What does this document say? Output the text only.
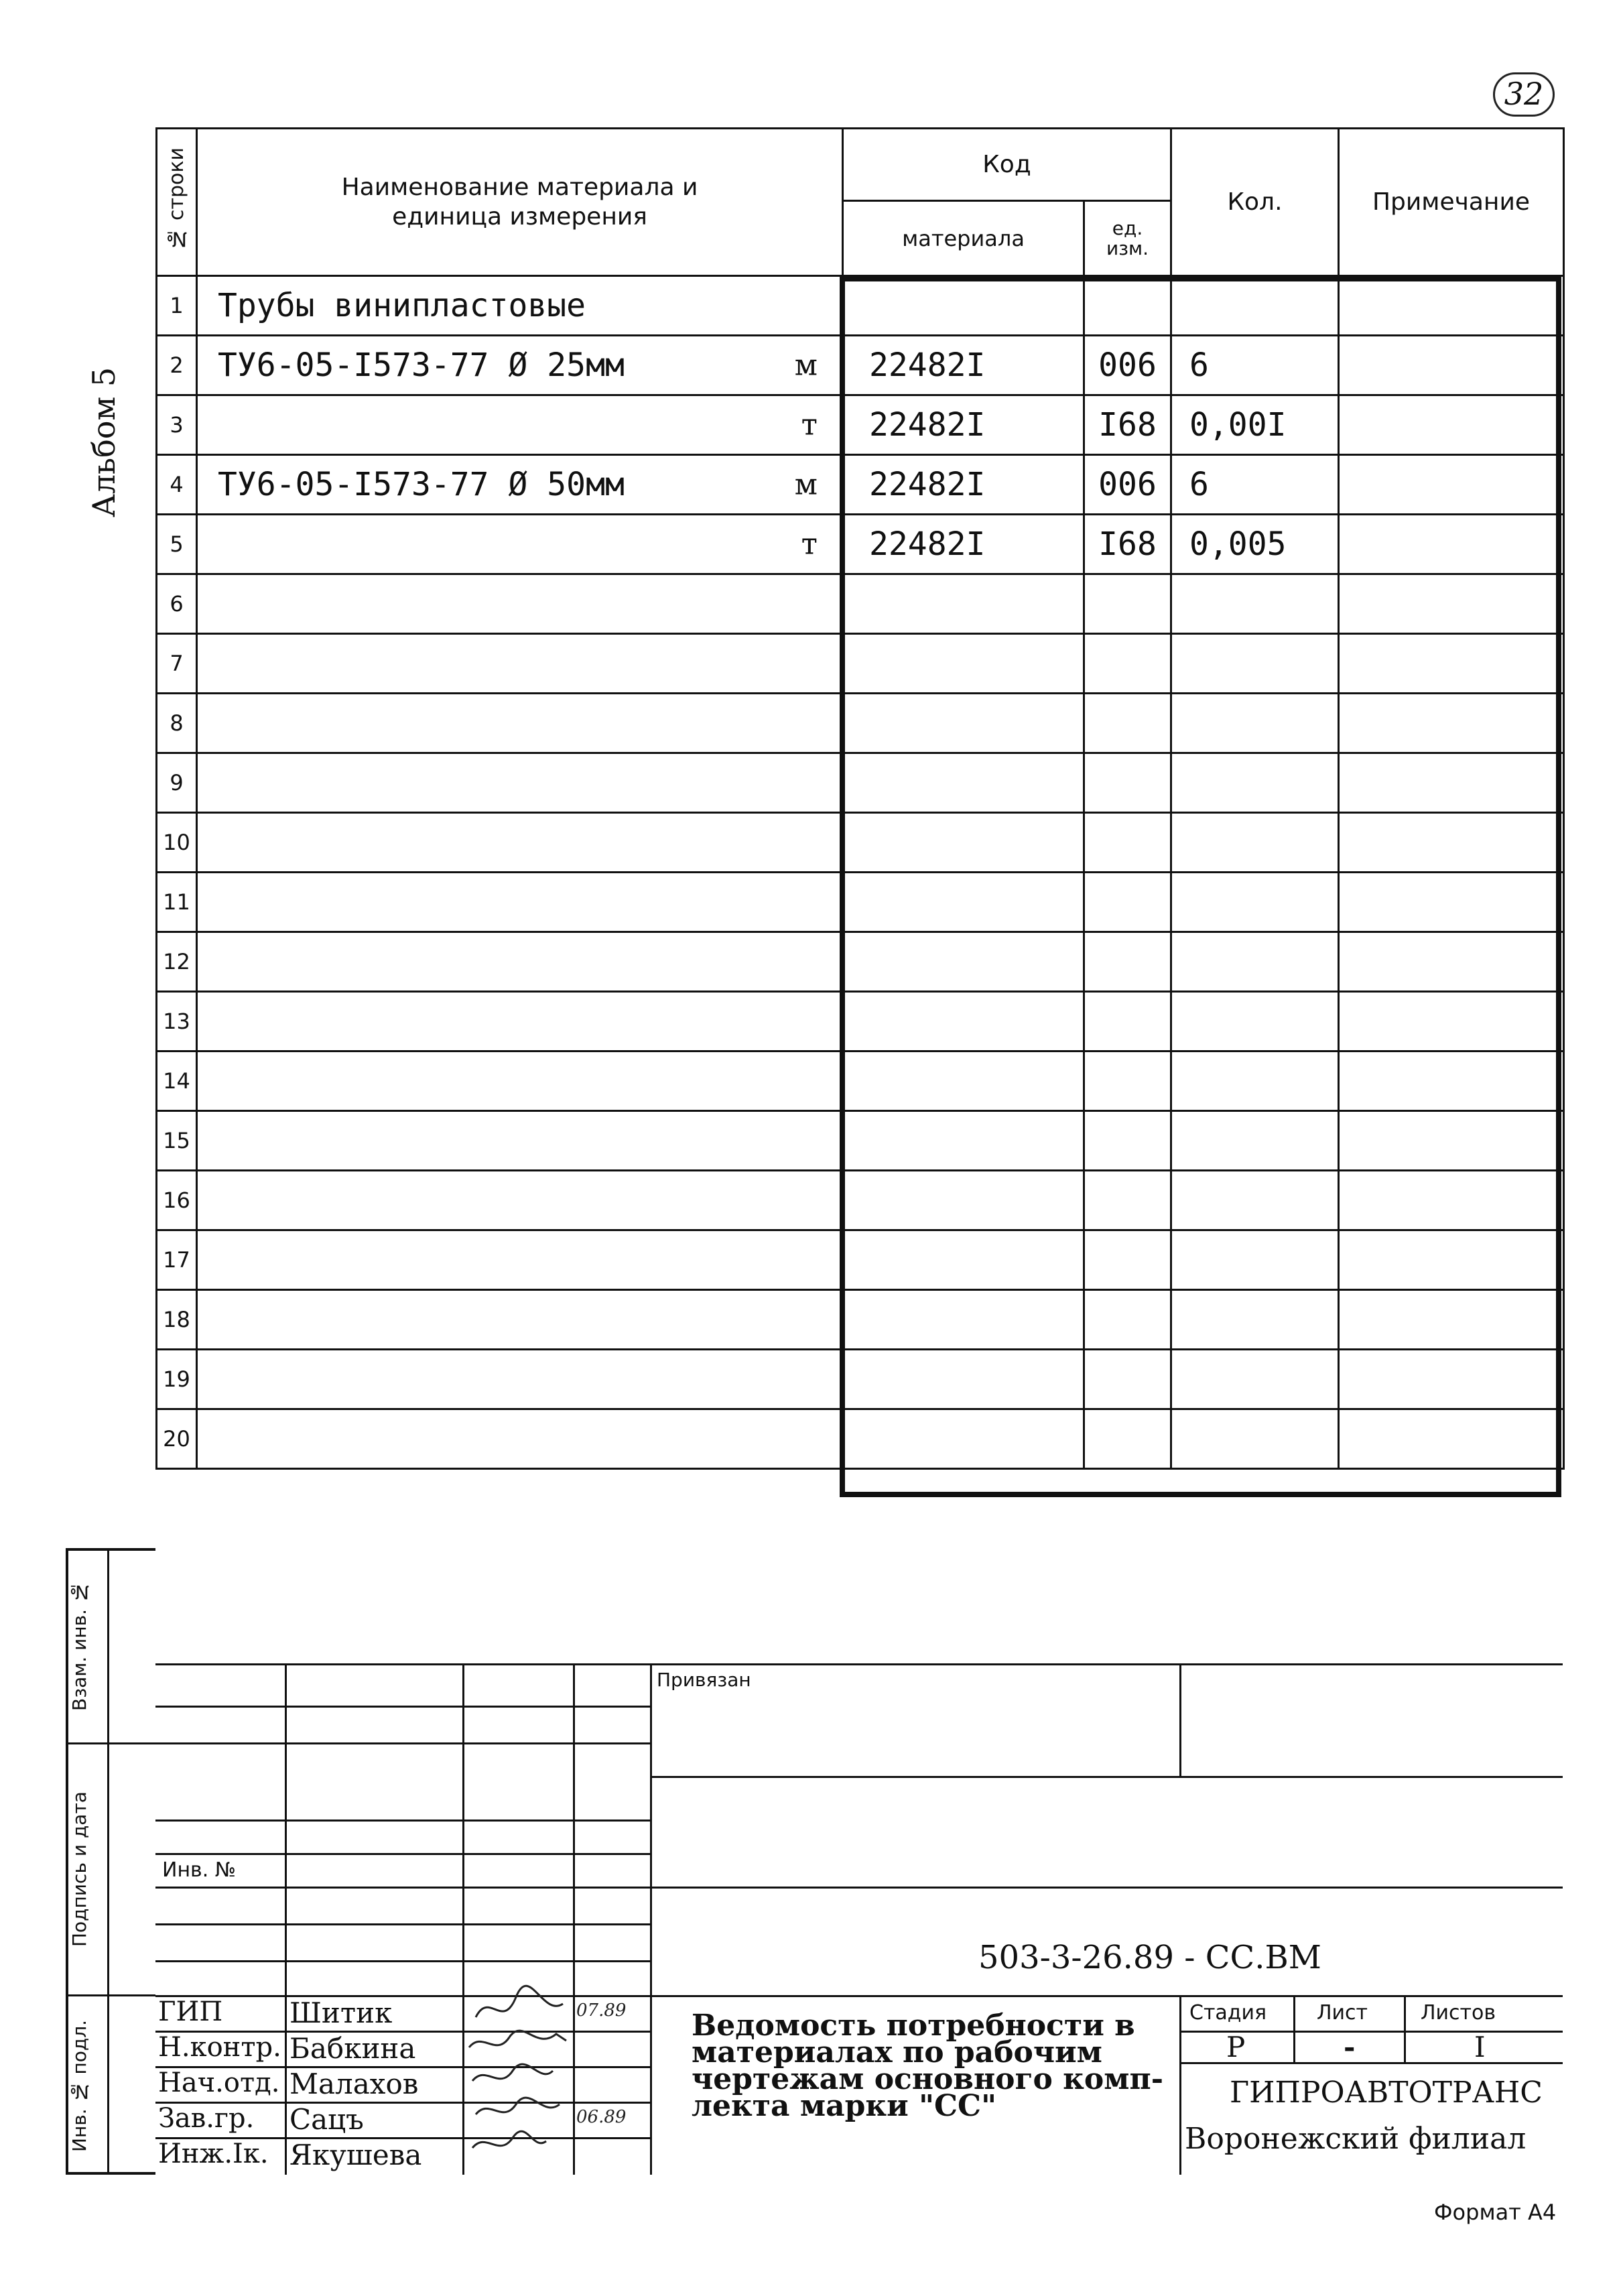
32
Альбом 5
№ строки	Наименование материала и единица измерения	Код		Кол.	Примечание
		материала	ед. изм.		
1	Трубы винипластовые

2	ТУ6-05-I573-77 Ø 25мм м	22482I	006	6	
3	т	22482I	I68	0,00I	
4	ТУ6-05-I573-77 Ø 50мм м	22482I	006	6	
5	т	22482I	I68	0,005	
6	

7	

8	

9	

10	

11	

12	

13	

14	

15	

16	

17	

18	

19	

20	

Взам. инв. №
Подпись и дата
Инв. № подл.
Инв. №
Привязан
503-3-26.89 - СС.ВМ
ГИП Шитик	07.89
Н.контр. Бабкина
Нач.отд. Малахов
Зав.гр. Сацъ	06.89
Инж.Iк. Якушева
Ведомость потребности в
материалах по рабочим
чертежам основного комп-
лекта марки "СС"
Стадия Лист	Листов
Р	-	I
ГИПРОАВТОТРАНС
Воронежский филиал
Формат А4
